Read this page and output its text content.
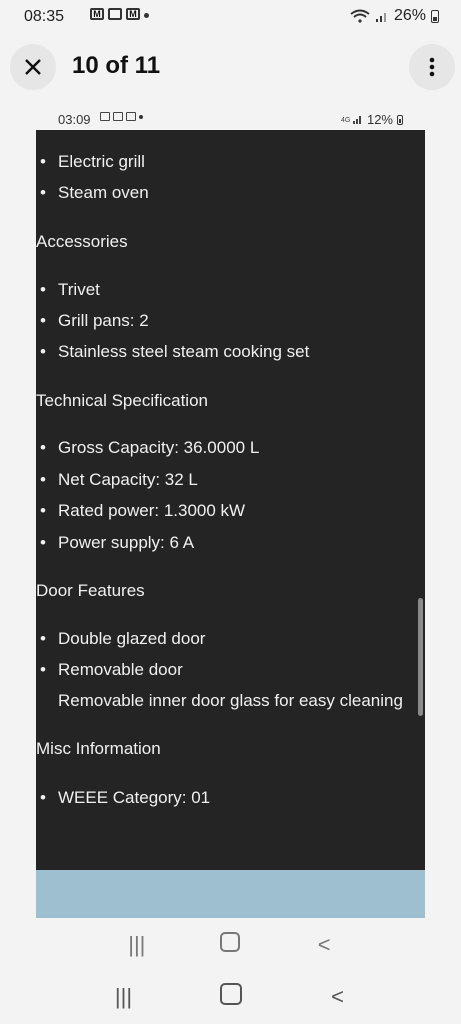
08:35	M	M	26%
10 of 11
03:09	4G 12%
• Electric grill
• Steam oven
Accessories
• Trivet
• Grill pans: 2
• Stainless steel steam cooking set
Technical Specification
• Gross Capacity: 36.0000 L
• Net Capacity: 32 L
• Rated power: 1.3000 kW
• Power supply: 6 A
Door Features
• Double glazed door
• Removable door
• Removable inner door glass for easy cleaning
Misc Information
• WEEE Category: 01
|||	<
|||	<
